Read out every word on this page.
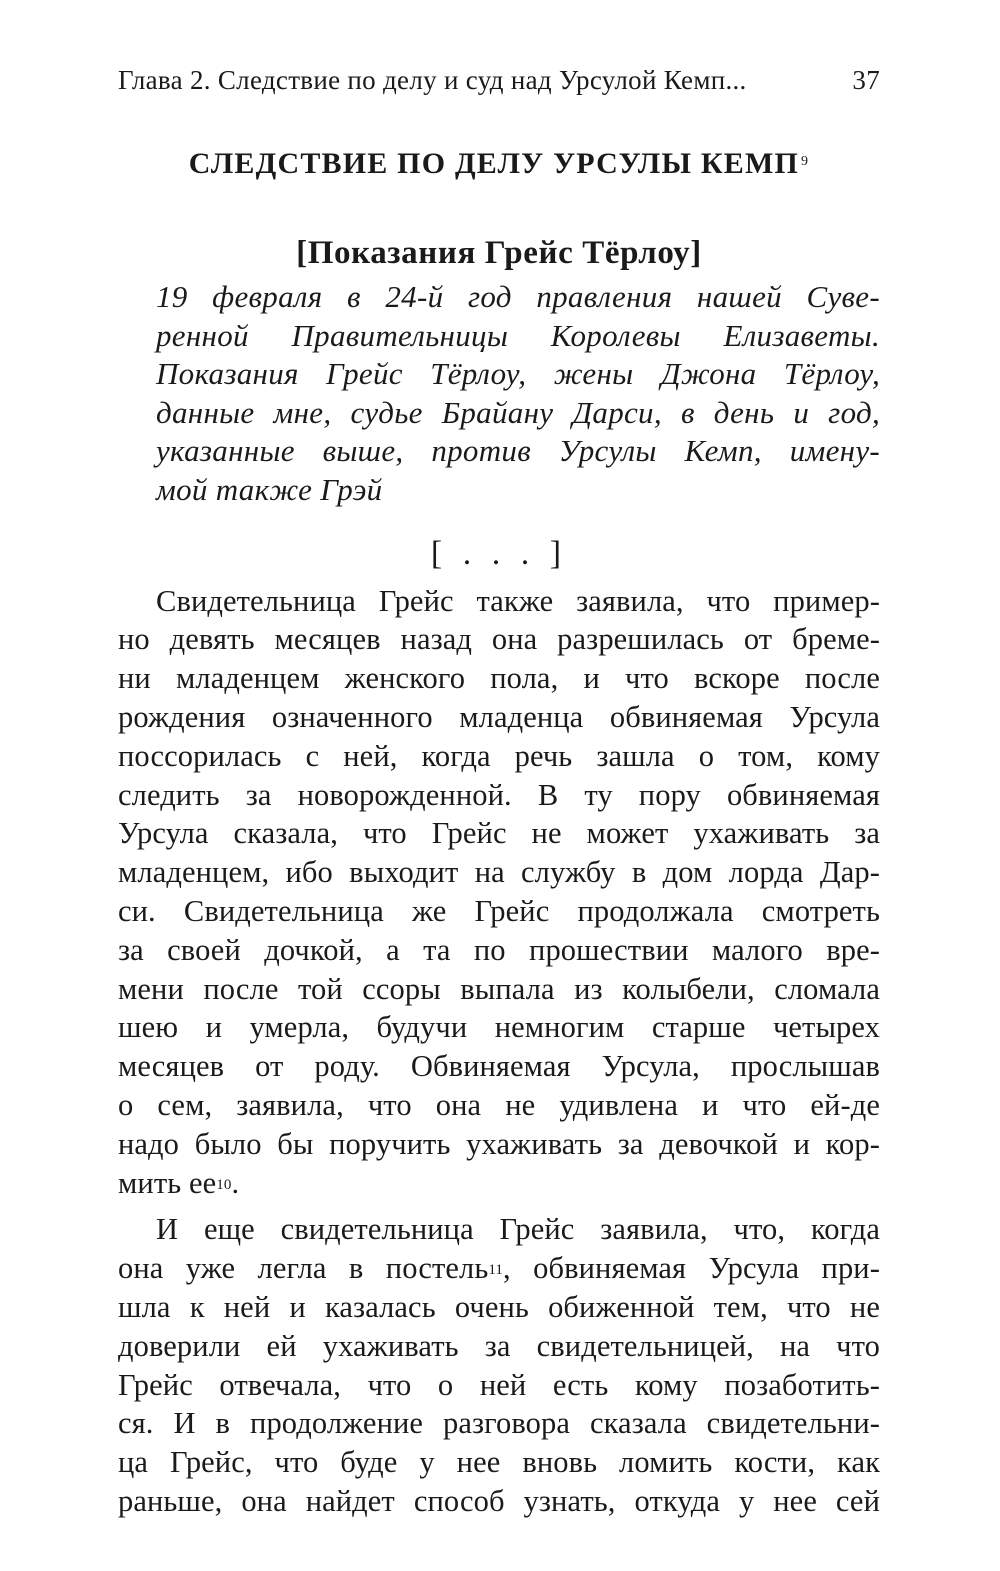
Глава 2. Следствие по делу и суд над Урсулой Кемп...	37
СЛЕДСТВИЕ ПО ДЕЛУ УРСУЛЫ КЕМП $^9$
[Показания Грейс Тёрлоу]
19 февраля в 24-й год правления нашей Суве-
ренной Правительницы Королевы Елизаветы.
Показания Грейс Тёрлоу, жены Джона Тёрлоу,
данные мне, судье Брайану Дарси, в день и год,
указанные выше, против Урсулы Кемп, имену-
мой также Грэй
[ . . . ]
Свидетельница Грейс также заявила, что пример-
но девять месяцев назад она разрешилась от бреме-
ни младенцем женского пола, и что вскоре после
рождения означенного младенца обвиняемая Урсула
поссорилась с ней, когда речь зашла о том, кому
следить за новорожденной. В ту пору обвиняемая
Урсула сказала, что Грейс не может ухаживать за
младенцем, ибо выходит на службу в дом лорда Дар-
си. Свидетельница же Грейс продолжала смотреть
за своей дочкой, а та по прошествии малого вре-
мени после той ссоры выпала из колыбели, сломала
шею и умерла, будучи немногим старше четырех
месяцев от роду. Обвиняемая Урсула, прослышав
о сем, заявила, что она не удивлена и что ей-де
надо было бы поручить ухаживать за девочкой и кор-
мить ее$^{10}$.
И еще свидетельница Грейс заявила, что, когда
она уже легла в постель$^{11}$, обвиняемая Урсула при-
шла к ней и казалась очень обиженной тем, что не
доверили ей ухаживать за свидетельницей, на что
Грейс отвечала, что о ней есть кому позаботить-
ся. И в продолжение разговора сказала свидетельни-
ца Грейс, что буде у нее вновь ломить кости, как
раньше, она найдет способ узнать, откуда у нее сей
